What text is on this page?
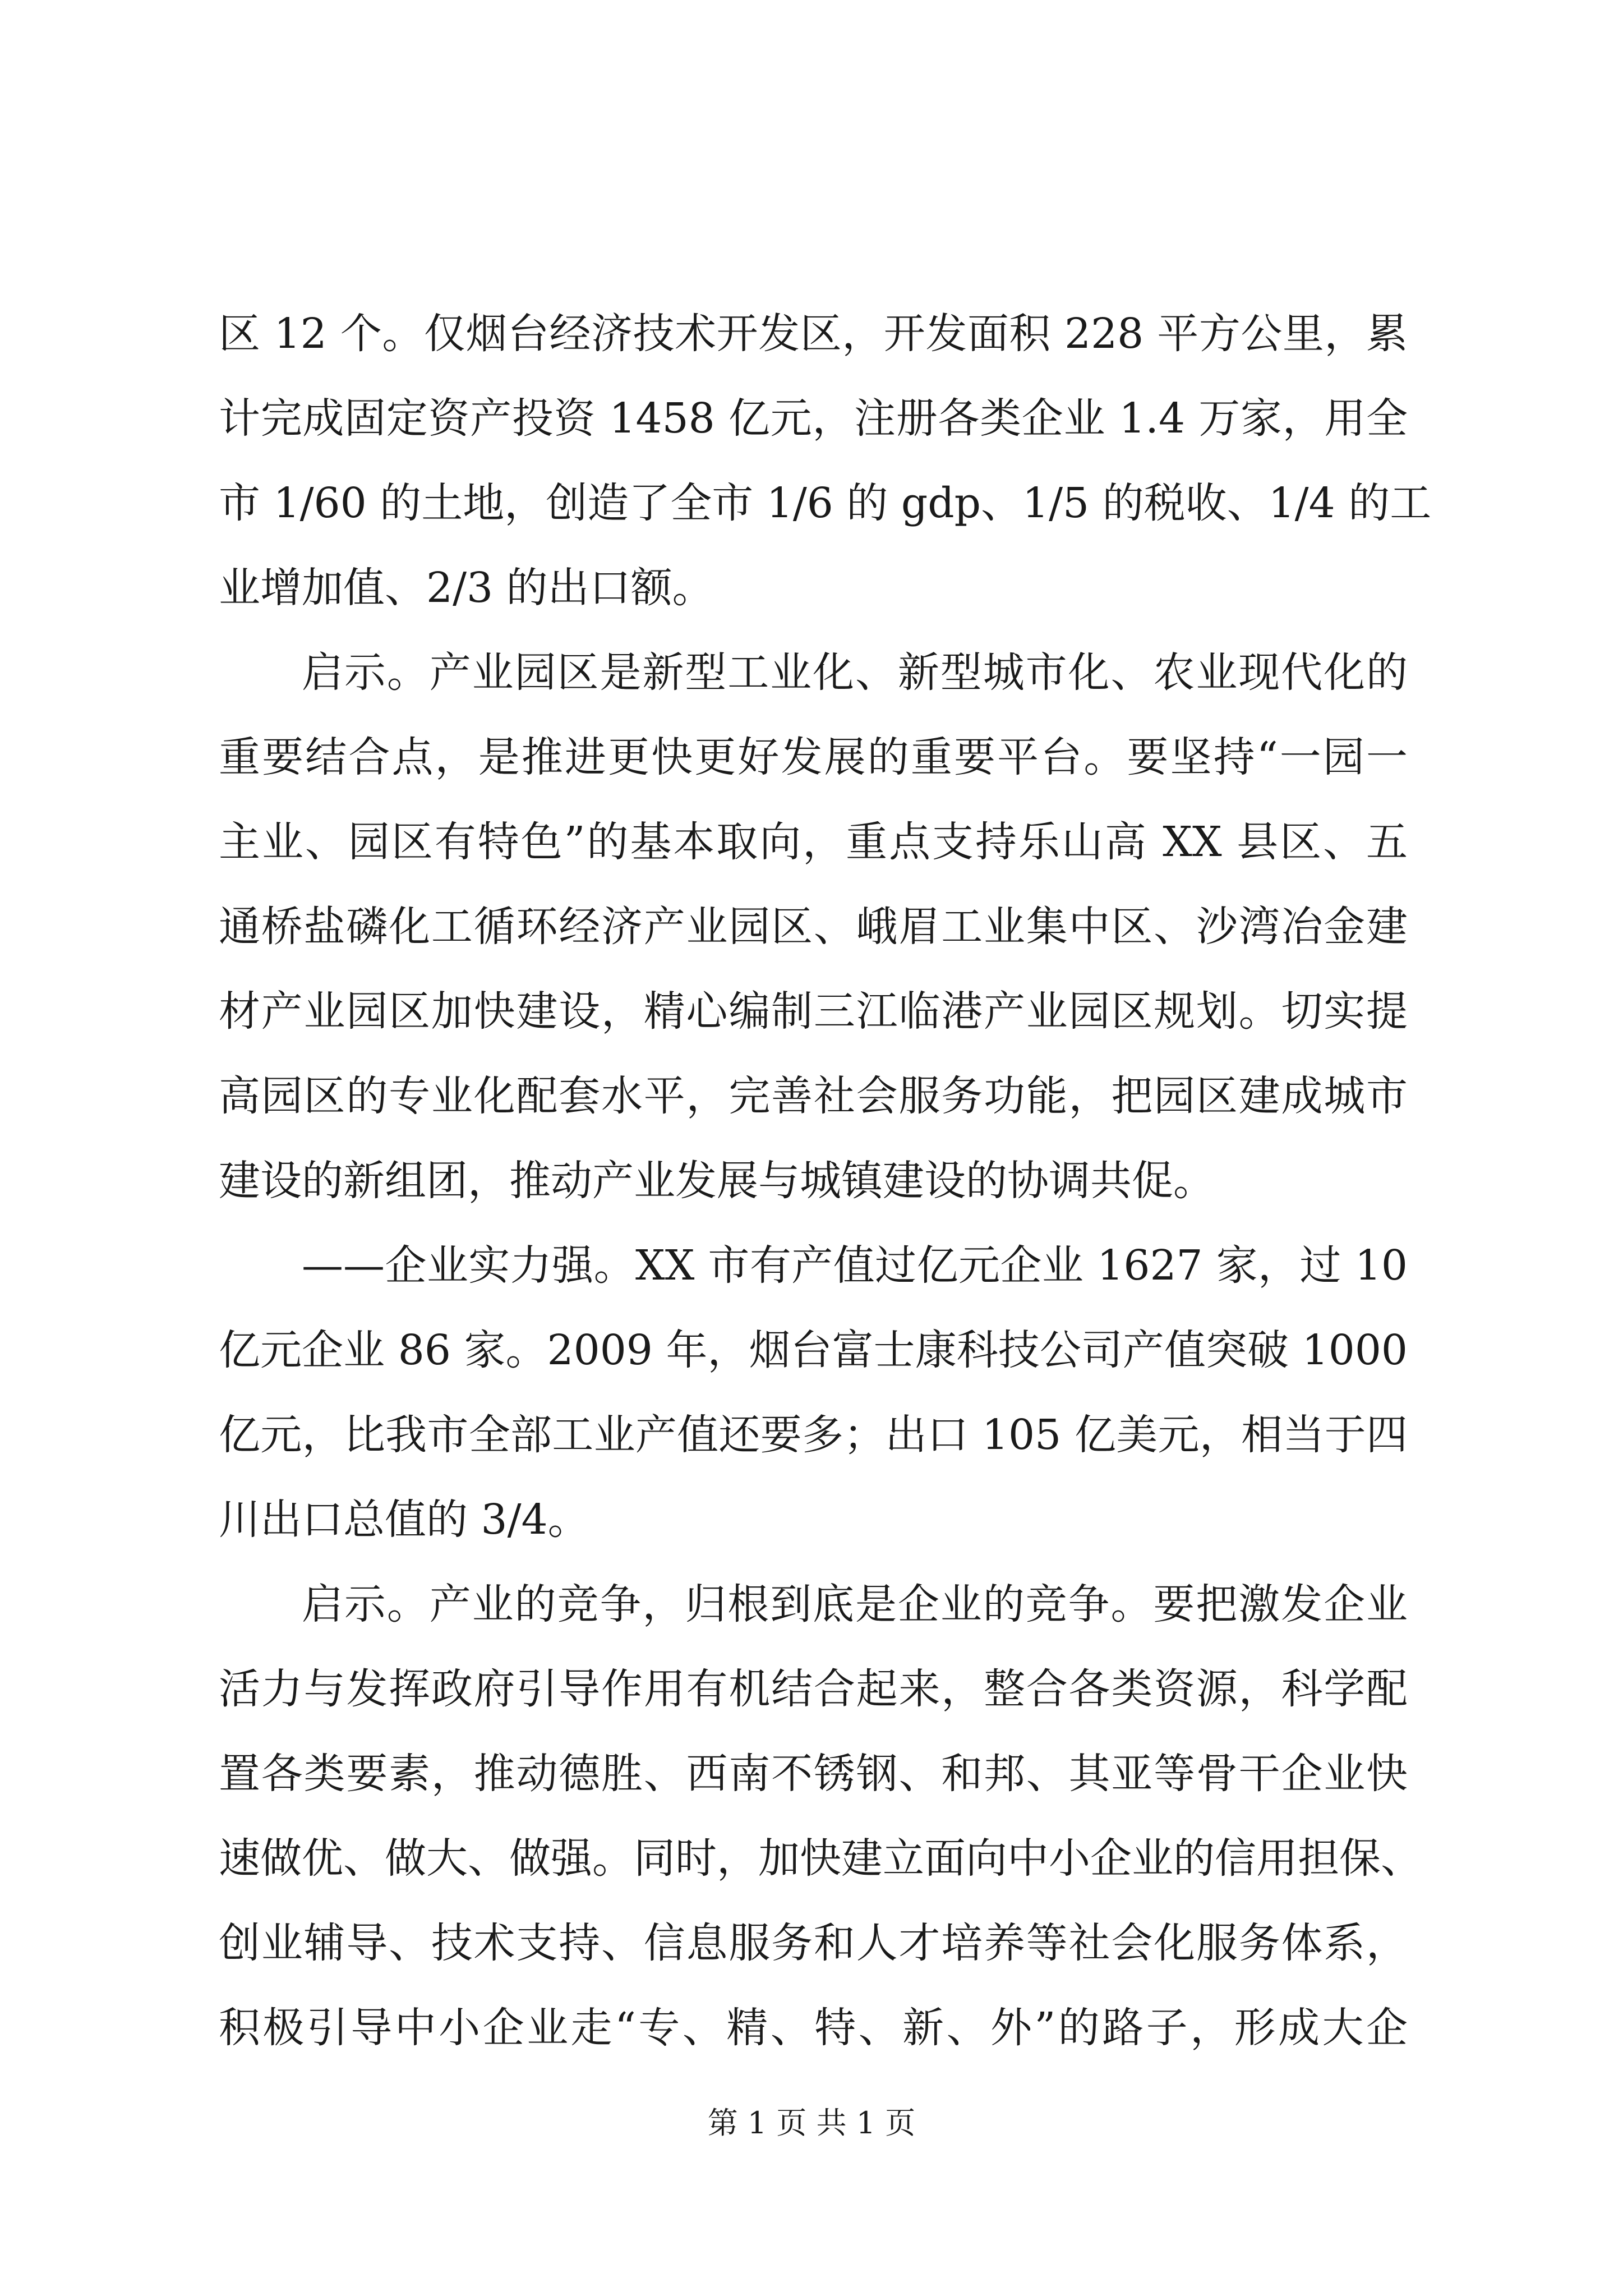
区 12 个。仅烟台经济技术开发区，开发面积 228 平方公里，累
计完成固定资产投资 1458 亿元，注册各类企业 1.4 万家，用全
市 1/60 的土地，创造了全市 1/6 的 gdp、1/5 的税收、1/4 的工
业增加值、2/3 的出口额。
启示。产业园区是新型工业化、新型城市化、农业现代化的
重要结合点，是推进更快更好发展的重要平台。要坚持“一园一
主业、园区有特色”的基本取向，重点支持乐山高 XX 县区、五
通桥盐磷化工循环经济产业园区、峨眉工业集中区、沙湾冶金建
材产业园区加快建设，精心编制三江临港产业园区规划。切实提
高园区的专业化配套水平，完善社会服务功能，把园区建成城市
建设的新组团，推动产业发展与城镇建设的协调共促。
——企业实力强。XX 市有产值过亿元企业 1627 家，过 10
亿元企业 86 家。2009 年，烟台富士康科技公司产值突破 1000
亿元，比我市全部工业产值还要多；出口 105 亿美元，相当于四
川出口总值的 3/4。
启示。产业的竞争，归根到底是企业的竞争。要把激发企业
活力与发挥政府引导作用有机结合起来，整合各类资源，科学配
置各类要素，推动德胜、西南不锈钢、和邦、其亚等骨干企业快
速做优、做大、做强。同时，加快建立面向中小企业的信用担保、
创业辅导、技术支持、信息服务和人才培养等社会化服务体系，
积极引导中小企业走“专、精、特、新、外”的路子，形成大企
第 1 页 共 1 页
